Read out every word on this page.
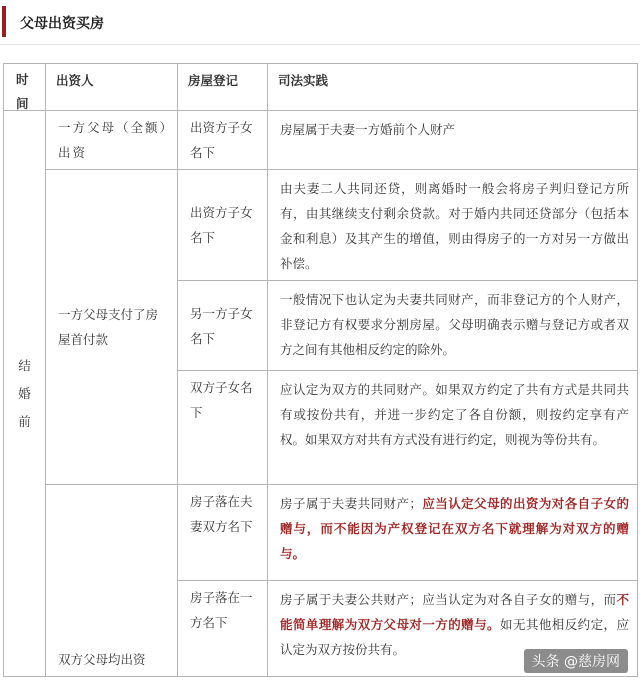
父母出资买房
时间	出资人	房屋登记	司法实践

结婚前	一方父母（全额）出资	出资方子女名下	房屋属于夫妻一方婚前个人财产

	一方父母支付了房屋首付款	出资方子女名下	由夫妻二人共同还贷，则离婚时一般会将房子判归登记方所有，由其继续支付剩余贷款。对于婚内共同还贷部分（包括本金和利息）及其产生的增值，则由得房子的一方对另一方做出补偿。

		另一方子女名下	一般情况下也认定为夫妻共同财产，而非登记方的个人财产，非登记方有权要求分割房屋。父母明确表示赠与登记方或者双方之间有其他相反约定的除外。

		双方子女名下	应认定为双方的共同财产。如果双方约定了共有方式是共同共有或按份共有，并进一步约定了各自份额，则按约定享有产权。如果双方对共有方式没有进行约定，则视为等份共有。

	双方父母均出资	房子落在夫妻双方名下	房子属于夫妻共同财产；应当认定父母的出资为对各自子女的赠与，而不能因为产权登记在双方名下就理解为对双方的赠与。

		房子落在一方名下	房子属于夫妻公共财产；应当认定为对各自子女的赠与，而不能简单理解为双方父母对一方的赠与。如无其他相反约定，应认定为双方按份共有。
头条 @慈房网
